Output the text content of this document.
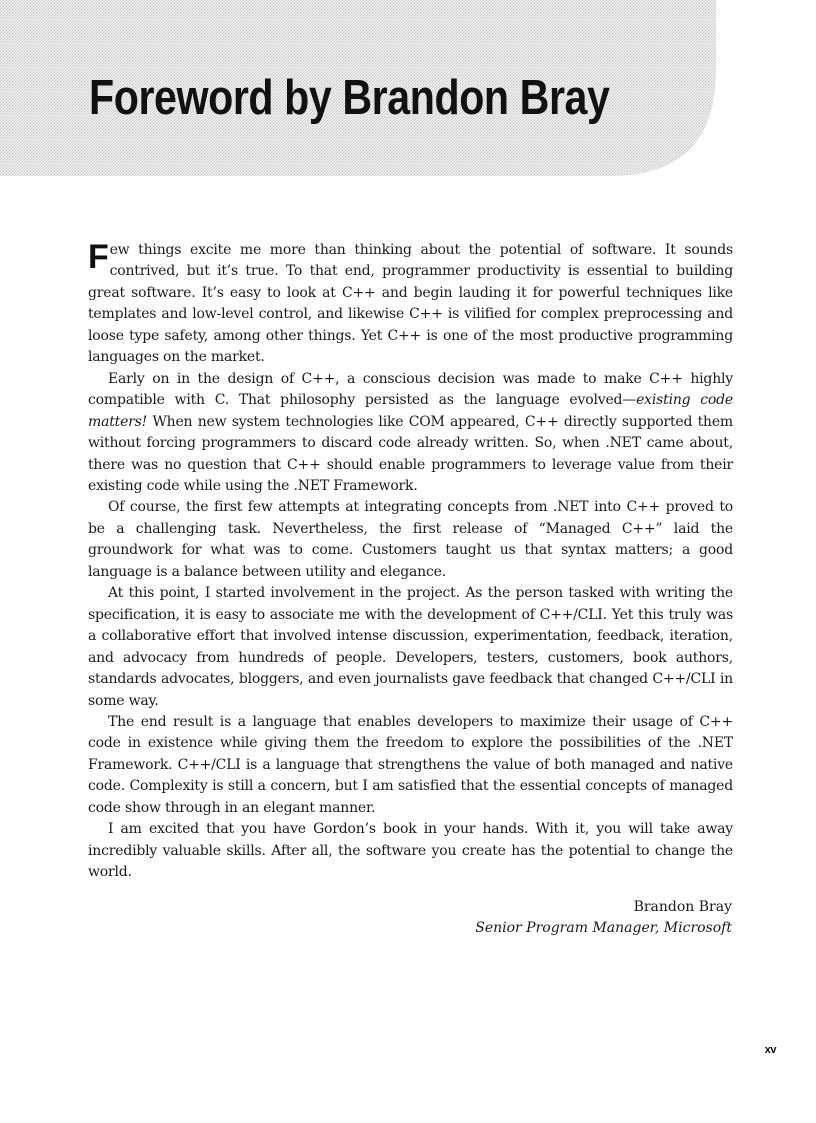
Foreword by Brandon Bray

Few things excite me more than thinking about the potential of software. It sounds contrived, but it’s true. To that end, programmer productivity is essential to building great software. It’s easy to look at C++ and begin lauding it for powerful techniques like templates and low-level control, and likewise C++ is vilified for complex preprocessing and loose type safety, among other things. Yet C++ is one of the most productive programming languages on the market.

Early on in the design of C++, a conscious decision was made to make C++ highly compatible with C. That philosophy persisted as the language evolved—existing code matters! When new system technologies like COM appeared, C++ directly supported them without forcing programmers to discard code already written. So, when .NET came about, there was no question that C++ should enable programmers to leverage value from their existing code while using the .NET Framework.

Of course, the first few attempts at integrating concepts from .NET into C++ proved to be a challenging task. Nevertheless, the first release of “Managed C++” laid the groundwork for what was to come. Customers taught us that syntax matters; a good language is a balance between utility and elegance.

At this point, I started involvement in the project. As the person tasked with writing the specification, it is easy to associate me with the development of C++/CLI. Yet this truly was a collaborative effort that involved intense discussion, experimentation, feedback, iteration, and advocacy from hundreds of people. Developers, testers, customers, book authors, standards advocates, bloggers, and even journalists gave feedback that changed C++/CLI in some way.

The end result is a language that enables developers to maximize their usage of C++ code in existence while giving them the freedom to explore the possibilities of the .NET Framework. C++/CLI is a language that strengthens the value of both managed and native code. Complexity is still a concern, but I am satisfied that the essential concepts of managed code show through in an elegant manner.

I am excited that you have Gordon’s book in your hands. With it, you will take away incredibly valuable skills. After all, the software you create has the potential to change the world.

Brandon Bray
Senior Program Manager, Microsoft
xv
